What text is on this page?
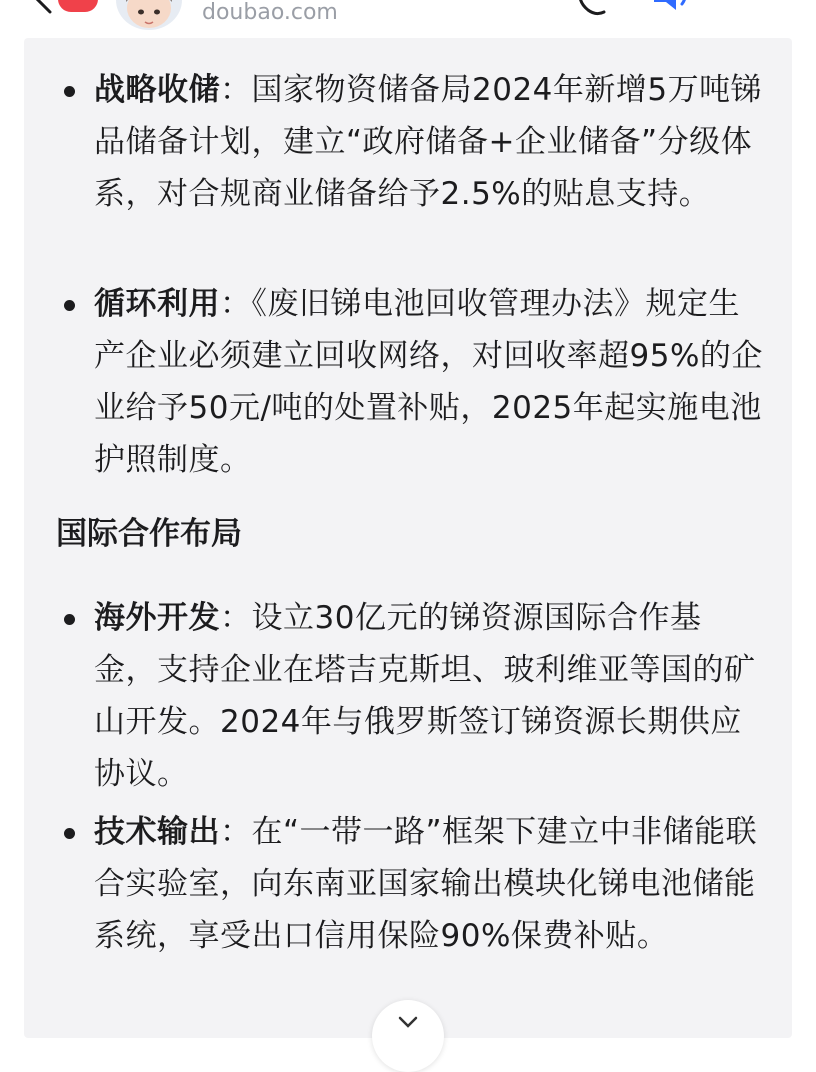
doubao.com
战略收储：国家物资储备局2024年新增5万吨锑品储备计划，建立“政府储备+企业储备”分级体系，对合规商业储备给予2.5%的贴息支持。
循环利用：《废旧锑电池回收管理办法》规定生产企业必须建立回收网络，对回收率超95%的企业给予50元/吨的处置补贴，2025年起实施电池护照制度。
国际合作布局
海外开发：设立30亿元的锑资源国际合作基金，支持企业在塔吉克斯坦、玻利维亚等国的矿山开发。2024年与俄罗斯签订锑资源长期供应协议。
技术输出：在“一带一路”框架下建立中非储能联合实验室，向东南亚国家输出模块化锑电池储能系统，享受出口信用保险90%保费补贴。
